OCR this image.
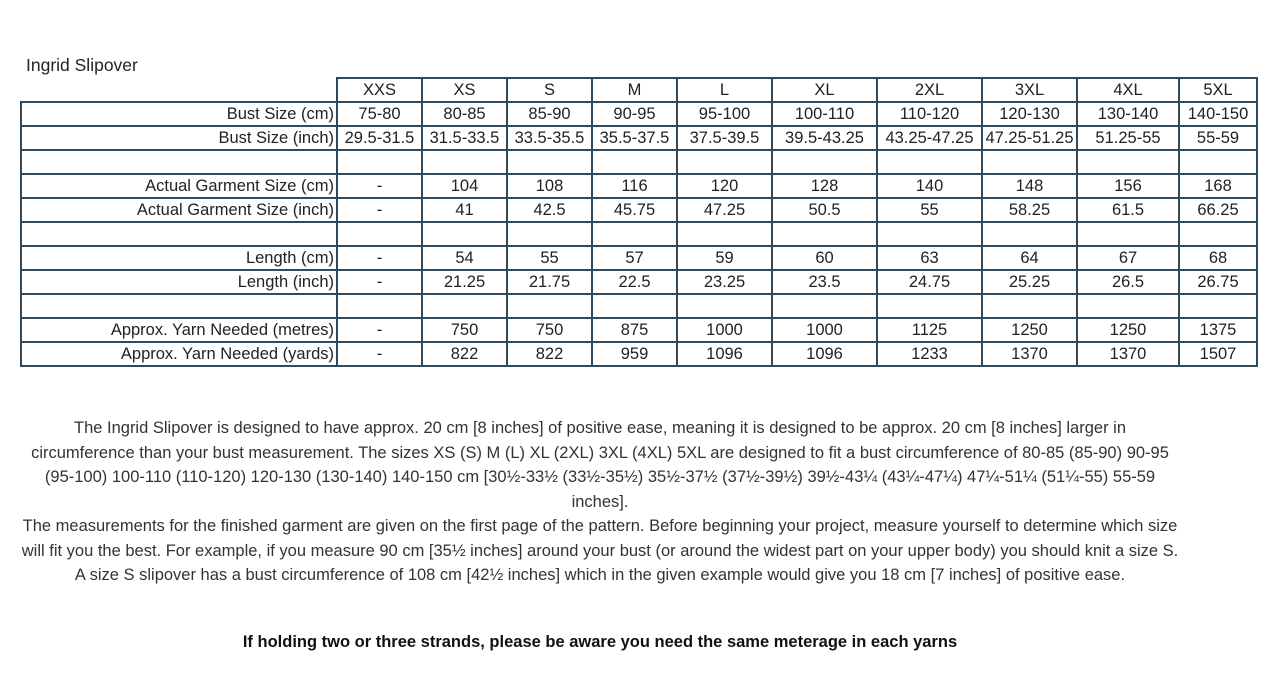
Ingrid Slipover
	XXS	XS	S	M	L	XL	2XL	3XL	4XL	5XL
Bust Size (cm)	75-80	80-85	85-90	90-95	95-100	100-110	110-120	120-130	130-140	140-150
Bust Size (inch)	29.5-31.5	31.5-33.5	33.5-35.5	35.5-37.5	37.5-39.5	39.5-43.25	43.25-47.25	47.25-51.25	51.25-55	55-59

Actual Garment Size (cm)	-	104	108	116	120	128	140	148	156	168
Actual Garment Size (inch)	-	41	42.5	45.75	47.25	50.5	55	58.25	61.5	66.25

Length (cm)	-	54	55	57	59	60	63	64	67	68
Length (inch)	-	21.25	21.75	22.5	23.25	23.5	24.75	25.25	26.5	26.75

Approx. Yarn Needed (metres)	-	750	750	875	1000	1000	1125	1250	1250	1375
Approx. Yarn Needed (yards)	-	822	822	959	1096	1096	1233	1370	1370	1507

The Ingrid Slipover is designed to have approx. 20 cm [8 inches] of positive ease, meaning it is designed to be approx. 20 cm [8 inches] larger in circumference than your bust measurement. The sizes XS (S) M (L) XL (2XL) 3XL (4XL) 5XL are designed to fit a bust circumference of 80-85 (85-90) 90-95 (95-100) 100-110 (110-120) 120-130 (130-140) 140-150 cm [30½-33½ (33½-35½) 35½-37½ (37½-39½) 39½-43¼ (43¼-47¼) 47¼-51¼ (51¼-55) 55-59 inches].

The measurements for the finished garment are given on the first page of the pattern. Before beginning your project, measure yourself to determine which size will fit you the best. For example, if you measure 90 cm [35½ inches] around your bust (or around the widest part on your upper body) you should knit a size S. A size S slipover has a bust circumference of 108 cm [42½ inches] which in the given example would give you 18 cm [7 inches] of positive ease.

If holding two or three strands, please be aware you need the same meterage in each yarns
